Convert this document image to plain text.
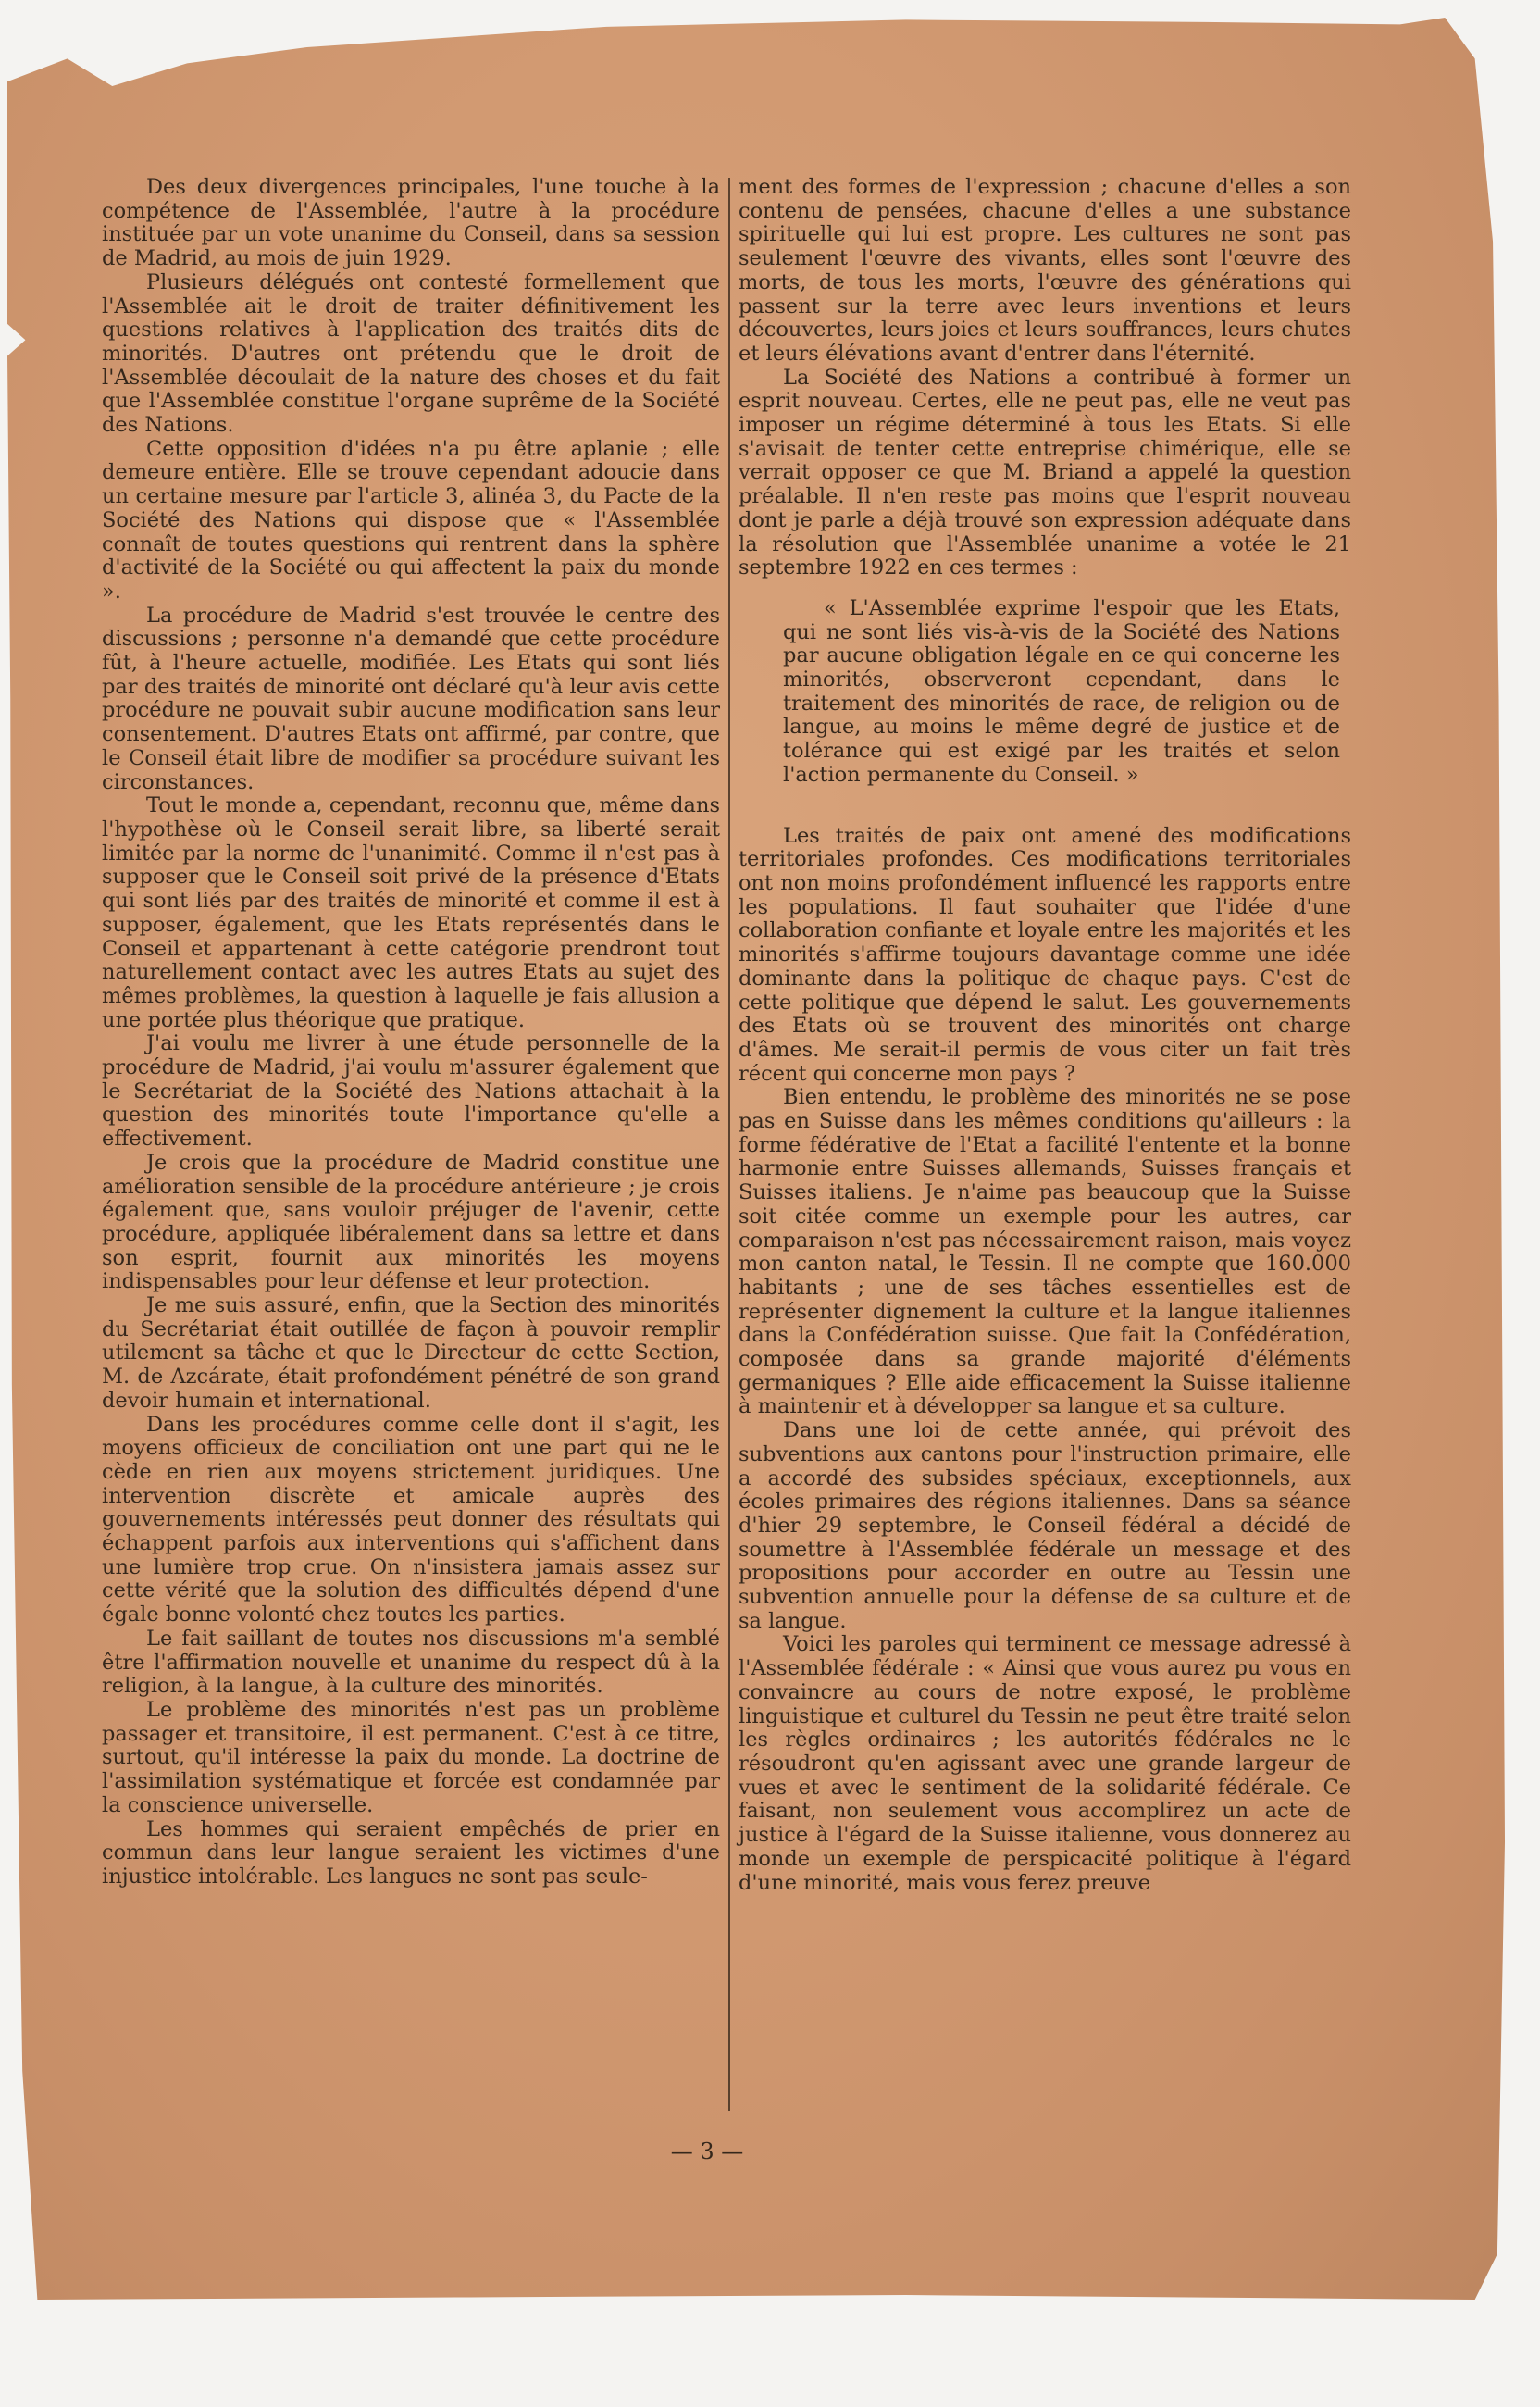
Des deux divergences principales, l'une touche à la compétence de l'Assemblée, l'autre à la procédure instituée par un vote unanime du Conseil, dans sa session de Madrid, au mois de juin 1929.

Plusieurs délégués ont contesté formellement que l'Assemblée ait le droit de traiter définitivement les questions relatives à l'application des traités dits de minorités. D'autres ont prétendu que le droit de l'Assemblée découlait de la nature des choses et du fait que l'Assemblée constitue l'organe suprême de la Société des Nations.

Cette opposition d'idées n'a pu être aplanie ; elle demeure entière. Elle se trouve cependant adoucie dans un certaine mesure par l'article 3, alinéa 3, du Pacte de la Société des Nations qui dispose que « l'Assemblée connaît de toutes questions qui rentrent dans la sphère d'activité de la Société ou qui affectent la paix du monde ».

La procédure de Madrid s'est trouvée le centre des discussions ; personne n'a demandé que cette procédure fût, à l'heure actuelle, modifiée. Les Etats qui sont liés par des traités de minorité ont déclaré qu'à leur avis cette procédure ne pouvait subir aucune modification sans leur consentement. D'autres Etats ont affirmé, par contre, que le Conseil était libre de modifier sa procédure suivant les circonstances.

Tout le monde a, cependant, reconnu que, même dans l'hypothèse où le Conseil serait libre, sa liberté serait limitée par la norme de l'unanimité. Comme il n'est pas à supposer que le Conseil soit privé de la présence d'Etats qui sont liés par des traités de minorité et comme il est à supposer, également, que les Etats représentés dans le Conseil et appartenant à cette catégorie prendront tout naturellement contact avec les autres Etats au sujet des mêmes problèmes, la question à laquelle je fais allusion a une portée plus théorique que pratique.

J'ai voulu me livrer à une étude personnelle de la procédure de Madrid, j'ai voulu m'assurer également que le Secrétariat de la Société des Nations attachait à la question des minorités toute l'importance qu'elle a effectivement.

Je crois que la procédure de Madrid constitue une amélioration sensible de la procédure antérieure ; je crois également que, sans vouloir préjuger de l'avenir, cette procédure, appliquée libéralement dans sa lettre et dans son esprit, fournit aux minorités les moyens indispensables pour leur défense et leur protection.

Je me suis assuré, enfin, que la Section des minorités du Secrétariat était outillée de façon à pouvoir remplir utilement sa tâche et que le Directeur de cette Section, M. de Azcárate, était profondément pénétré de son grand devoir humain et international.

Dans les procédures comme celle dont il s'agit, les moyens officieux de conciliation ont une part qui ne le cède en rien aux moyens strictement juridiques. Une intervention discrète et amicale auprès des gouvernements intéressés peut donner des résultats qui échappent parfois aux interventions qui s'affichent dans une lumière trop crue. On n'insistera jamais assez sur cette vérité que la solution des difficultés dépend d'une égale bonne volonté chez toutes les parties.

Le fait saillant de toutes nos discussions m'a semblé être l'affirmation nouvelle et unanime du respect dû à la religion, à la langue, à la culture des minorités.

Le problème des minorités n'est pas un problème passager et transitoire, il est permanent. C'est à ce titre, surtout, qu'il intéresse la paix du monde. La doctrine de l'assimilation systématique et forcée est condamnée par la conscience universelle.

Les hommes qui seraient empêchés de prier en commun dans leur langue seraient les victimes d'une injustice intolérable. Les langues ne sont pas seule-

ment des formes de l'expression ; chacune d'elles a son contenu de pensées, chacune d'elles a une substance spirituelle qui lui est propre. Les cultures ne sont pas seulement l'œuvre des vivants, elles sont l'œuvre des morts, de tous les morts, l'œuvre des générations qui passent sur la terre avec leurs inventions et leurs découvertes, leurs joies et leurs souffrances, leurs chutes et leurs élévations avant d'entrer dans l'éternité.

La Société des Nations a contribué à former un esprit nouveau. Certes, elle ne peut pas, elle ne veut pas imposer un régime déterminé à tous les Etats. Si elle s'avisait de tenter cette entreprise chimérique, elle se verrait opposer ce que M. Briand a appelé la question préalable. Il n'en reste pas moins que l'esprit nouveau dont je parle a déjà trouvé son expression adéquate dans la résolution que l'Assemblée unanime a votée le 21 septembre 1922 en ces termes :

« L'Assemblée exprime l'espoir que les Etats, qui ne sont liés vis-à-vis de la Société des Nations par aucune obligation légale en ce qui concerne les minorités, observeront cependant, dans le traitement des minorités de race, de religion ou de langue, au moins le même degré de justice et de tolérance qui est exigé par les traités et selon l'action permanente du Conseil. »

Les traités de paix ont amené des modifications territoriales profondes. Ces modifications territoriales ont non moins profondément influencé les rapports entre les populations. Il faut souhaiter que l'idée d'une collaboration confiante et loyale entre les majorités et les minorités s'affirme toujours davantage comme une idée dominante dans la politique de chaque pays. C'est de cette politique que dépend le salut. Les gouvernements des Etats où se trouvent des minorités ont charge d'âmes. Me serait-il permis de vous citer un fait très récent qui concerne mon pays ?

Bien entendu, le problème des minorités ne se pose pas en Suisse dans les mêmes conditions qu'ailleurs : la forme fédérative de l'Etat a facilité l'entente et la bonne harmonie entre Suisses allemands, Suisses français et Suisses italiens. Je n'aime pas beaucoup que la Suisse soit citée comme un exemple pour les autres, car comparaison n'est pas nécessairement raison, mais voyez mon canton natal, le Tessin. Il ne compte que 160.000 habitants ; une de ses tâches essentielles est de représenter dignement la culture et la langue italiennes dans la Confédération suisse. Que fait la Confédération, composée dans sa grande majorité d'éléments germaniques ? Elle aide efficacement la Suisse italienne à maintenir et à développer sa langue et sa culture.

Dans une loi de cette année, qui prévoit des subventions aux cantons pour l'instruction primaire, elle a accordé des subsides spéciaux, exceptionnels, aux écoles primaires des régions italiennes. Dans sa séance d'hier 29 septembre, le Conseil fédéral a décidé de soumettre à l'Assemblée fédérale un message et des propositions pour accorder en outre au Tessin une subvention annuelle pour la défense de sa culture et de sa langue.

Voici les paroles qui terminent ce message adressé à l'Assemblée fédérale : « Ainsi que vous aurez pu vous en convaincre au cours de notre exposé, le problème linguistique et culturel du Tessin ne peut être traité selon les règles ordinaires ; les autorités fédérales ne le résoudront qu'en agissant avec une grande largeur de vues et avec le sentiment de la solidarité fédérale. Ce faisant, non seulement vous accomplirez un acte de justice à l'égard de la Suisse italienne, vous donnerez au monde un exemple de perspicacité politique à l'égard d'une minorité, mais vous ferez preuve

— 3 —
